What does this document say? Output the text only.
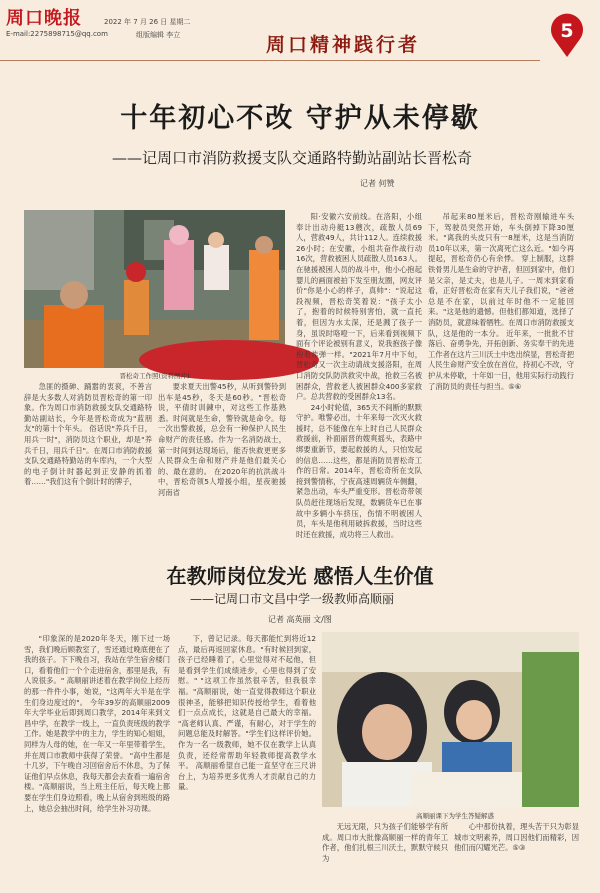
周口晚报
E-mail:2275898715@qq.com
2022 年 7 月 26 日 星期二
组版编辑 李立	周口精神践行者
5
十年初心不改 守护从未停歇
——记周口市消防救援支队交通路特勤站副站长晋松奇
记者 何赞
晋松奇工作照(资料图片)

急匪的摄砷、踊嚣的衷衮，不善言辞是大多数人对消防员晋松奇的第一印象。作为周口市消防救援支队交通路特勤站副站长，今年是晋松奇成为"蓝朋友"的第十个年头。 俗话说"养兵千日，用兵一时"，消防员这个职业，却是"养兵千日，用兵千日"。在周口市消防救援支队交通路特勤站的车库内，一个大型的电子倒计时器起到正安静的抓着着……"我们这有个倒计时的牌子，

要求夏天出警45秒，从听到警铃到出车是45秒，冬天是60秒。"晋松奇说，平倩时训鍊中，对这些工作基熟悉。时间就是生命，警铃就是命令。每一次出警救援，总会有一种保护人民生命财产的责任感。作为一名消防战士，第一时间到达现场后，能否快救更更多人民群众生命和财产并是他们最关心的、最在意的。 在2020年的抗洪战斗中，晋松奇领5人增援小组，星夜驰援河南省

阳·安徽六安前线。在洛阳，小组奉计出动舟艇13艘次，疏散人员69人，营救49人，共计112人。连续救援26小时；在安徽，小组共奋作战行动16次，营救被困人员疏散人员163人。在驰援被困人员的战斗中，他小心抱起婴儿的画面被拍下发至朋友圈，网友评价"你是小心的样子，真帅"："说起这段视频，晋松奇笑着说："孩子太小了，抱着的时候特别害怕，就一直托着，但因为水太深，还是溅了孩子一身，虽说时咯噔一下，后来看到视频下面有个评论被别有意义，说我抱孩子像抱着炸弹一样。"2021年7月中下旬，晋松奇又一次主动请战支援洛阳，在周口消防交队防洪救灾中战，抢救三名被困群众，营救老人被困群众400多家救户。总共营救的受困群众13名。

24小时轮值，365天不间断的默默守护。唯警必出，十年来每一次灭火救援时，总不能像在车上时自己人民群众救援前，补面丽晋的嫂爽摇头，表路中绑要重新节，要起救援的人，只怕发起的信息……这些，都是消防员晋松奇工作的日常。2014年，晋松奇所在支队接到警情称，宁夜高速周辆货车侧翻，紧急出动，车头严重变形。晋松奇带领队员赶往现场后发现，数辆货车已在事故中多辆小车挤压，伤情不明被困人员，车头是他利用破拆救援，当时这些时还在救援，成功将三人救出。

吊起来80厘米后，晋松奇刚输进车头下，驾驶员突然开始，车头倒掉下降30厘米。"离我的头皮只有一8厘米，这是当消防员10年以来，第一次离死亡这么近。"如今再提起，晋松奇仍心有余悸。 穿上制服，这群铁骨男儿是生命的守护者，但回到家中，他们是父亲，是丈夫，也是儿子。一周末到家看看，正好晋松奇在家有天儿子我们说，"爸爸总是不在家，以前过年时他不一定能回来。"这是他的遗憾。但他们都知道，选择了消防员，就意味着牺牲。在周口市消防救援支队，这是他的一本分。 近年来，一批批不甘落后、奋勇争先，开拓创新、务实奉干的先进工作者在这片三川沃土中迭出缤显，晋松奇把人民生命财产安全放在首位，持初心不改，守护从未停歇，十年如一日，他用实际行动践行了消防员的责任与担当。⑤⑥

在教师岗位发光 感悟人生价值
——记周口市文昌中学一级教师高顺丽
记者 高英丽 文/图

"印象深的是2020年冬天，刚下过一场雪，我们晚后顾教室了，雪还通过晚底便在了我的孩子。下下晚自习，我站在学生宿舍楼门口，看着他们一个个走进宿舍，那里是我，有人说很多。" 高顺丽讲述着在教学岗位上经历的那一件件小事，她说，"这两年大半是在学生们身边度过的"。 今年39岁的高顺丽2009年大学毕业后即到周口教学，2014年来到文昌中学，在教学一线上，一直负责班级的教学工作。她是教学中的主力，学生的知心姐姐，同样为人母的她，在一年又一年里带着学生，并在周口市教师中获得了荣誉。 "高中生都是十几岁，下午晚自习回宿舍后不休息，为了保证他们早点休息，我每天都会去查看一遍宿舍楼。"高顺丽说，当上班主任后，每天晚上都要在学生们身边照看，晚上从宿舍到班级的路上，她总会抽出时间，给学生补习功课。

下，曾记记录。每天都能忙到将近12点，最后再返回家休息。"有时候回到家，孩子已经睡着了，心里觉得对不起他，但是看到学生们成绩进步，心里也得到了安慰。" "这项工作虽然很辛苦，但我很幸福。"高顺丽说，她一直觉得教师这个职业很神圣，能够把知识传授给学生，看着他们一点点成长，这就是自己最大的幸福。 "高老师认真、严谨，有耐心，对于学生的问题总能及时解答。"学生们这样评价她。作为一名一级教师，她不仅在教学上认真负责，还经常帮助年轻教师提高教学水平。 高顺丽希望自己能一直坚守在三尺讲台上，为培养更多优秀人才贡献自己的力量。

高顺丽课下为学生答疑解惑

无远无限，只为孩子们能够学有所成。周口市大批像高顺丽一样的青年工作者，他们扎根三川沃土，默默守候只为

心中那份执着，理头苦干只为彰显城市文明素养，周口因他们而精彩，因他们而闪耀光芒。⑤③
